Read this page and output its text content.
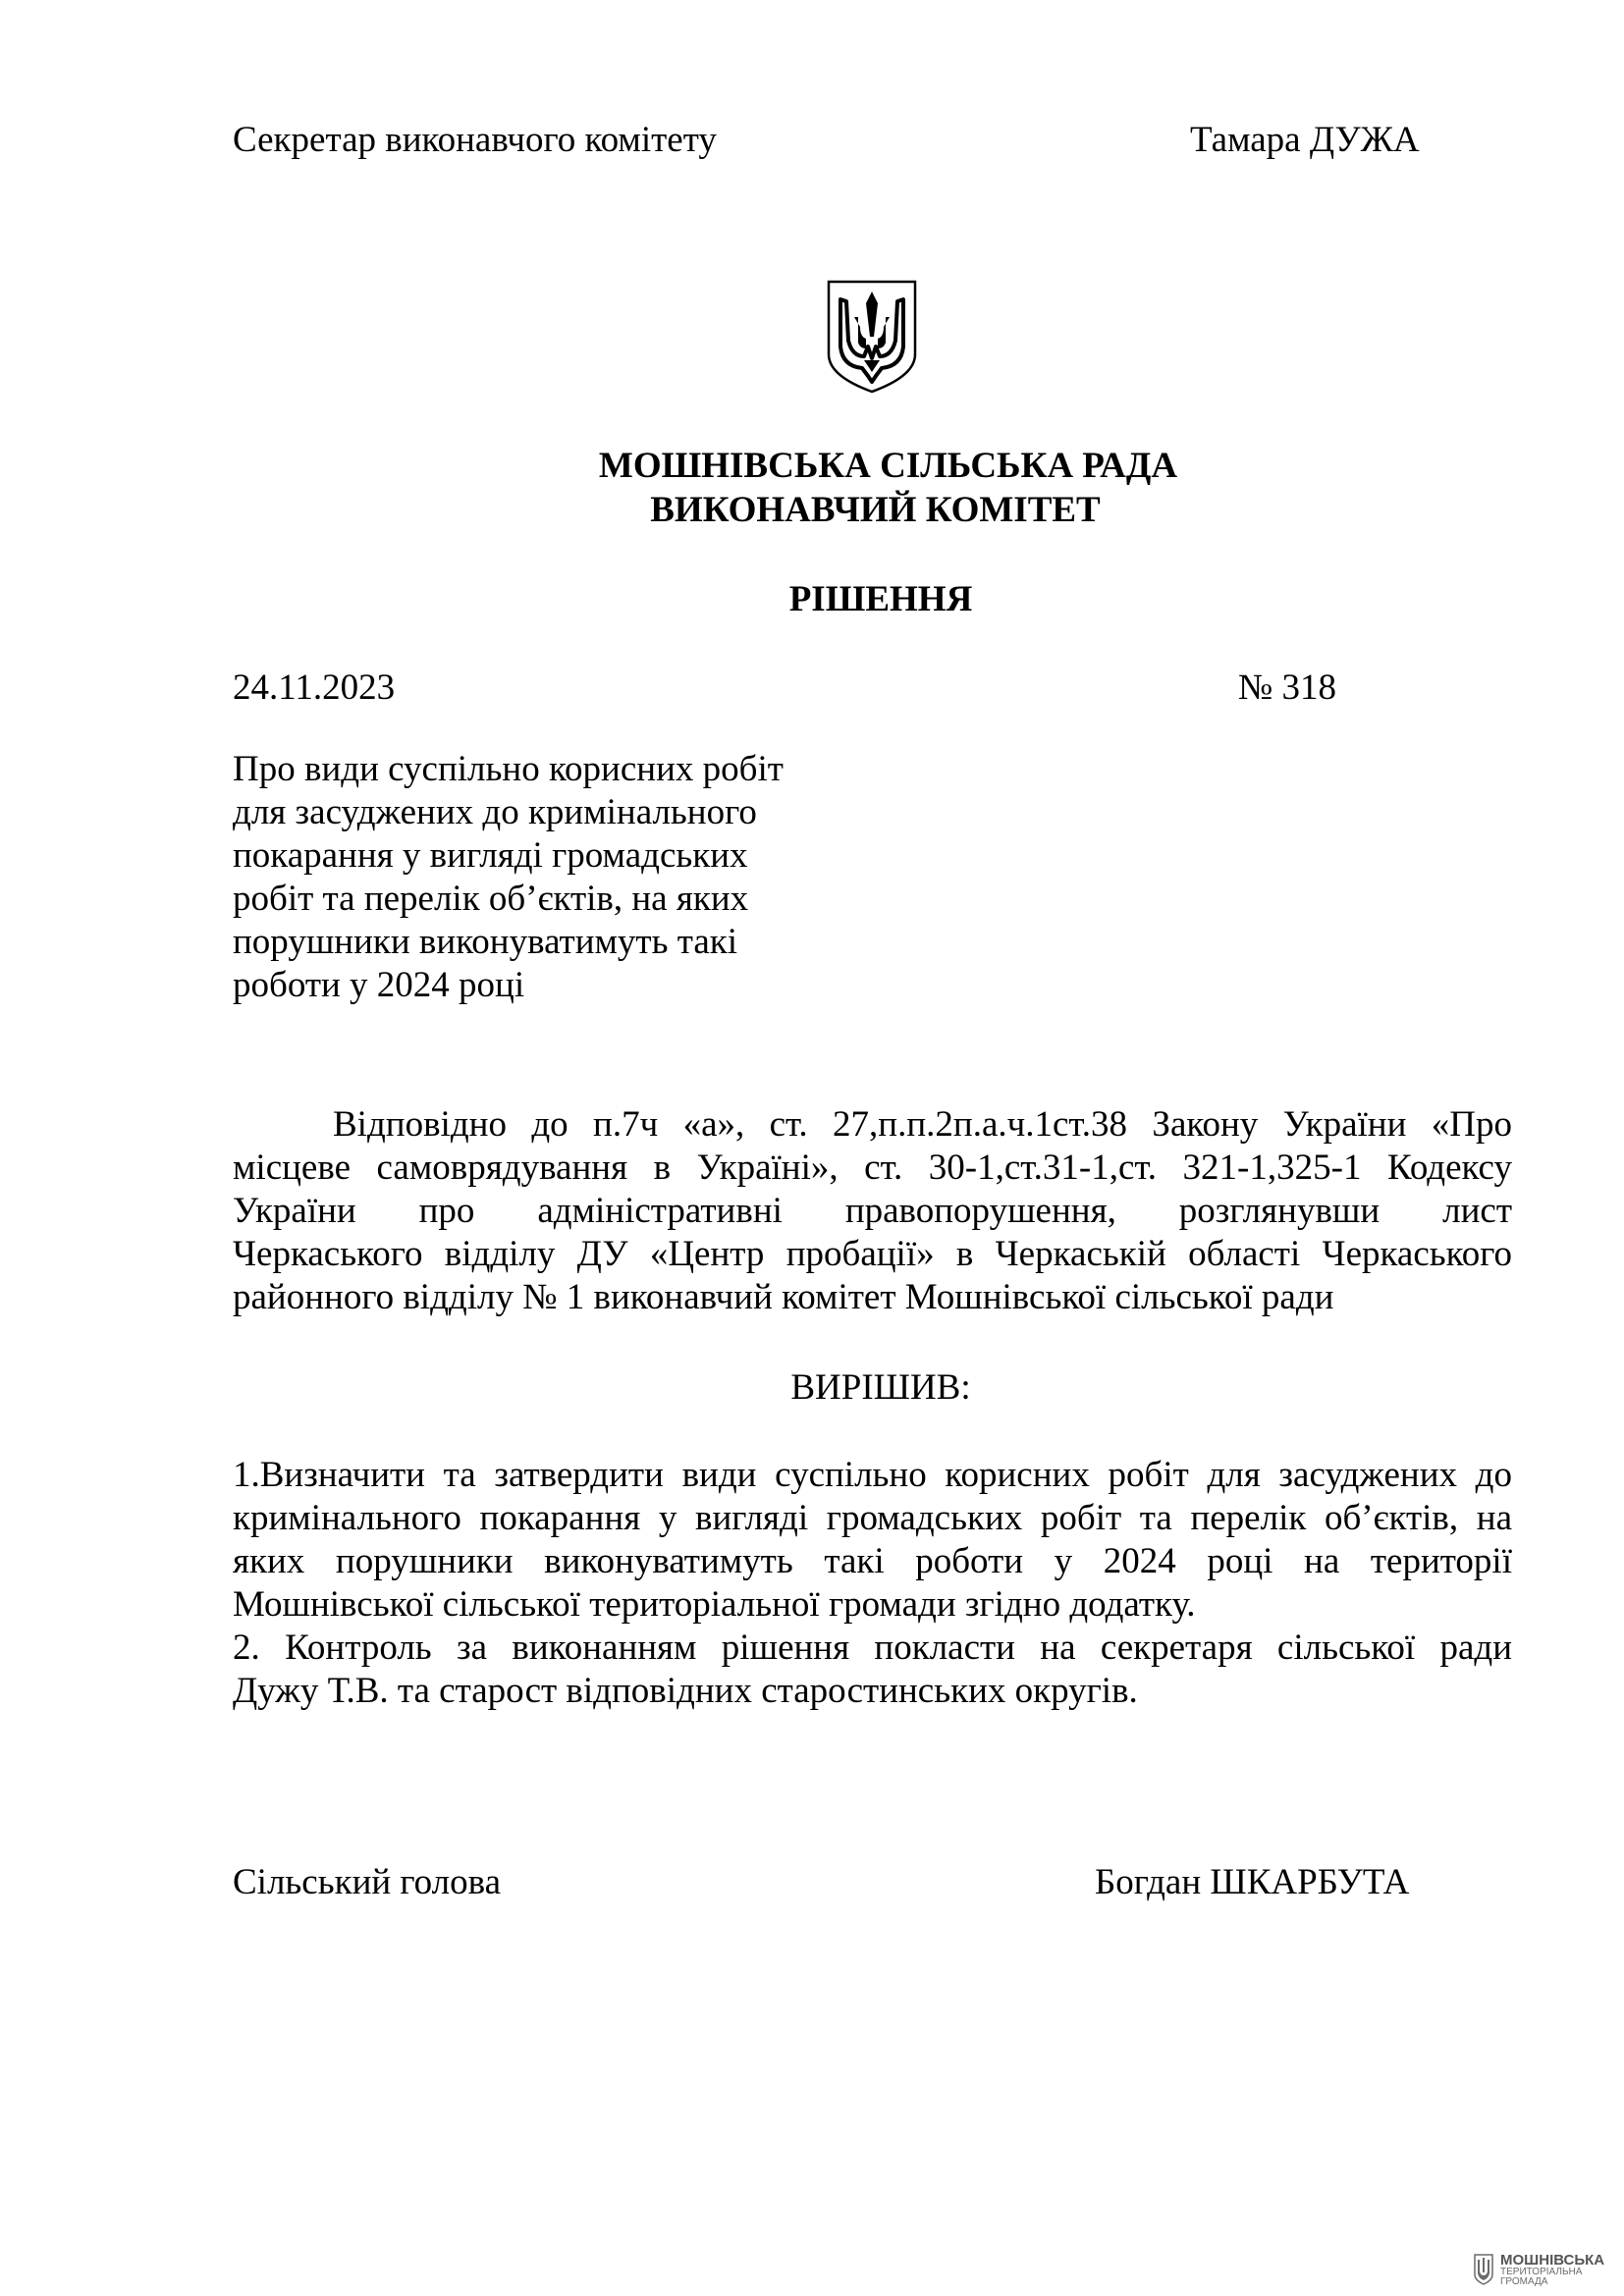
Секретар виконавчого комітету	Тамара ДУЖА
МОШНІВСЬКА СІЛЬСЬКА РАДА
ВИКОНАВЧИЙ КОМІТЕТ
РІШЕННЯ
24.11.2023	№ 318
Про види суспільно корисних робіт
для засуджених до кримінального
покарання у вигляді громадських
робіт та перелік об’єктів, на яких
порушники виконуватимуть такі
роботи у 2024 році
Відповідно до п.7ч «а», ст. 27,п.п.2п.а.ч.1ст.38 Закону України «Про
місцеве самоврядування в Україні», ст. 30-1,ст.31-1,ст. 321-1,325-1 Кодексу
України про адміністративні правопорушення, розглянувши лист
Черкаського відділу ДУ «Центр пробації» в Черкаській області Черкаського
районного відділу № 1 виконавчий комітет Мошнівської сільської ради
ВИРІШИВ:
1.Визначити та затвердити види суспільно корисних робіт для засуджених до
кримінального покарання у вигляді громадських робіт та перелік об’єктів, на
яких порушники виконуватимуть такі роботи у 2024 році на території
Мошнівської сільської територіальної громади згідно додатку.
2. Контроль за виконанням рішення покласти на секретаря сільської ради
Дужу Т.В. та старост відповідних старостинських округів.
Сільський голова	Богдан ШКАРБУТА
МОШНІВСЬКА
ТЕРИТОРІАЛЬНА
ГРОМАДА
